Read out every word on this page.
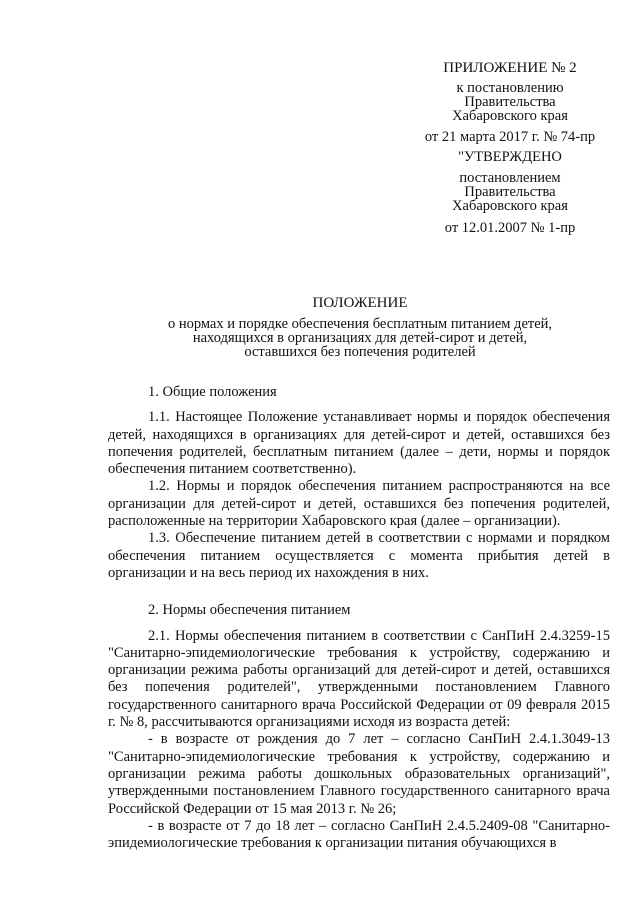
ПРИЛОЖЕНИЕ № 2
к постановлению
Правительства
Хабаровского края
от 21 марта 2017 г. № 74-пр
"УТВЕРЖДЕНО
постановлением
Правительства
Хабаровского края
от 12.01.2007 № 1-пр
ПОЛОЖЕНИЕ
о нормах и порядке обеспечения бесплатным питанием детей,
находящихся в организациях для детей-сирот и детей,
оставшихся без попечения родителей

1. Общие положения

1.1. Настоящее Положение устанавливает нормы и порядок обеспечения детей, находящихся в организациях для детей-сирот и детей, оставшихся без попечения родителей, бесплатным питанием (далее – дети, нормы и порядок обеспечения питанием соответственно).

1.2. Нормы и порядок обеспечения питанием распространяются на все организации для детей-сирот и детей, оставшихся без попечения родителей, расположенные на территории Хабаровского края (далее – организации).

1.3. Обеспечение питанием детей в соответствии с нормами и порядком обеспечения питанием осуществляется с момента прибытия детей в организации и на весь период их нахождения в них.

2. Нормы обеспечения питанием

2.1. Нормы обеспечения питанием в соответствии с СанПиН 2.4.3259-15 "Санитарно-эпидемиологические требования к устройству, содержанию и организации режима работы организаций для детей-сирот и детей, оставшихся без попечения родителей", утвержденными постановлением Главного государственного санитарного врача Российской Федерации от 09 февраля 2015 г. № 8, рассчитываются организациями исходя из возраста детей:

- в возрасте от рождения до 7 лет – согласно СанПиН 2.4.1.3049-13 "Санитарно-эпидемиологические требования к устройству, содержанию и организации режима работы дошкольных образовательных организаций", утвержденными постановлением Главного государственного санитарного врача Российской Федерации от 15 мая 2013 г. № 26;

- в возрасте от 7 до 18 лет – согласно СанПиН 2.4.5.2409-08 "Санитарно-эпидемиологические требования к организации питания обучающихся в
